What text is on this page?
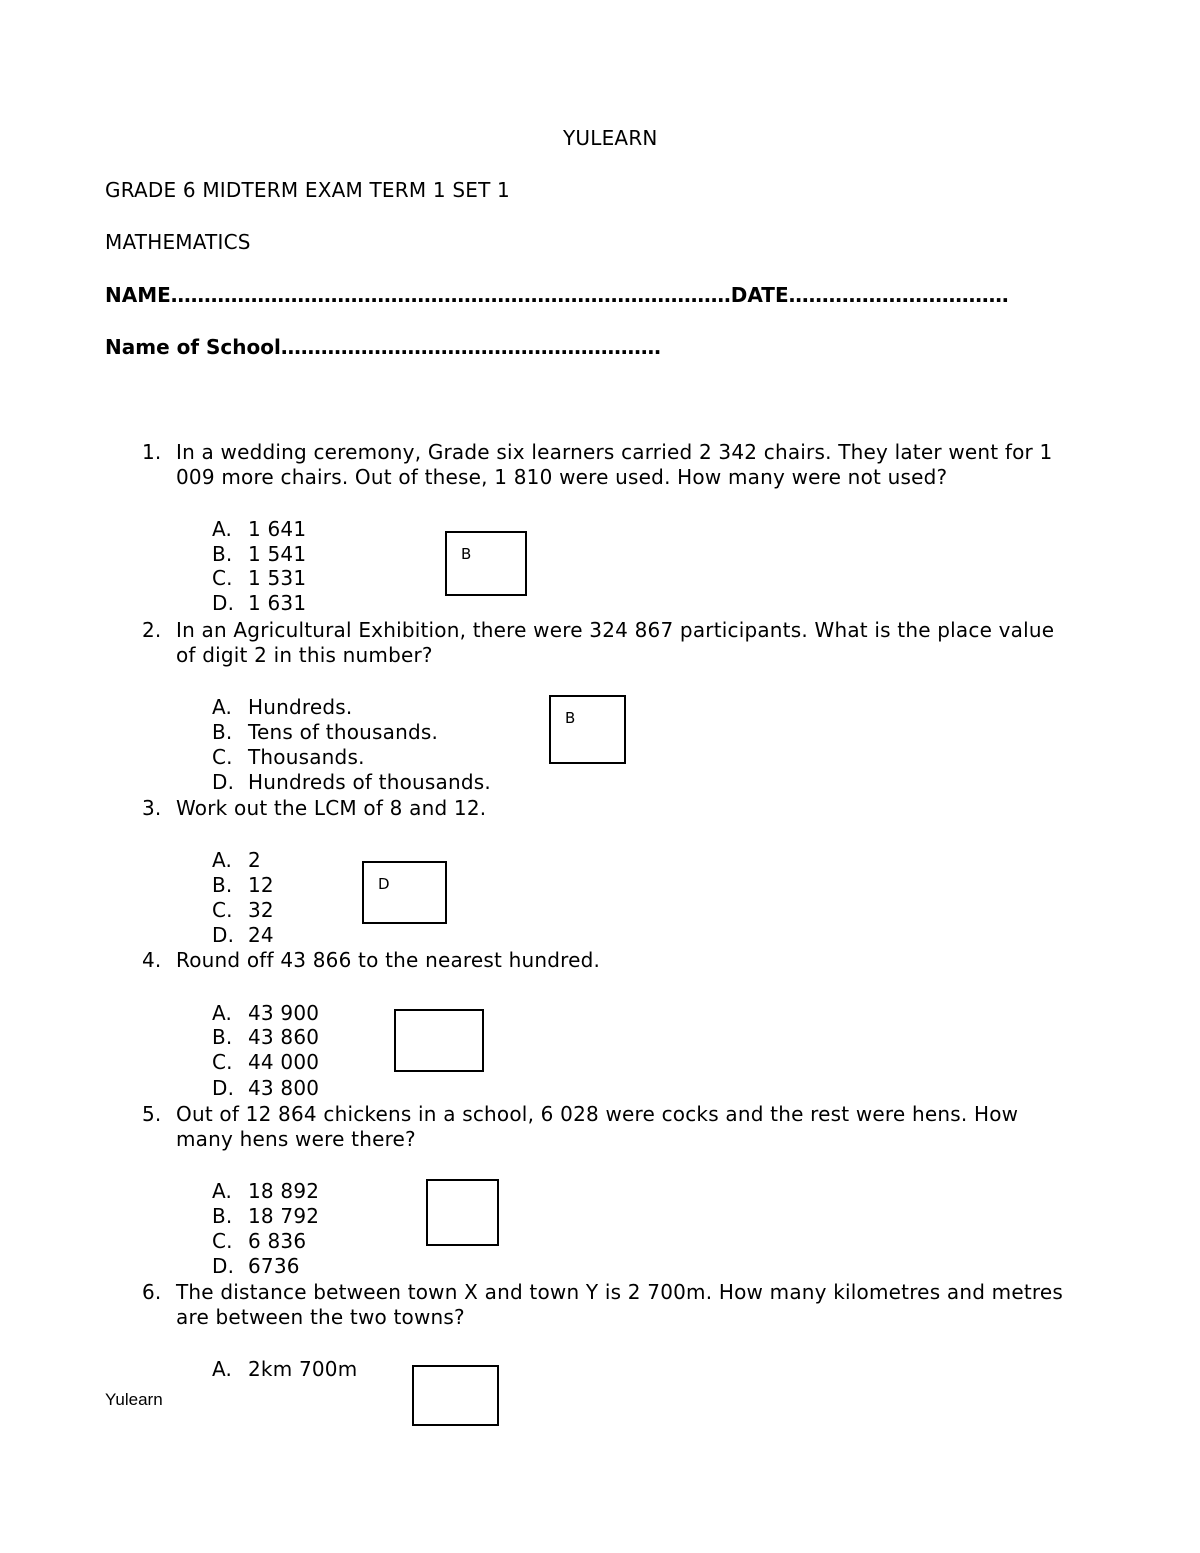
YULEARN
GRADE 6 MIDTERM EXAM TERM 1 SET 1
MATHEMATICS
NAME…………………………………………………………………………DATE……………………………
Name of School…………………………………………………
1. In a wedding ceremony, Grade six learners carried 2 342 chairs. They later went for 1
009 more chairs. Out of these, 1 810 were used. How many were not used?
A. 1 641
B. 1 541
C. 1 531
D. 1 631
B
2. In an Agricultural Exhibition, there were 324 867 participants. What is the place value
of digit 2 in this number?
A. Hundreds.
B. Tens of thousands.
C. Thousands.
D. Hundreds of thousands.
B
3. Work out the LCM of 8 and 12.
A. 2
B. 12
C. 32
D. 24
D
4. Round off 43 866 to the nearest hundred.
A. 43 900
B. 43 860
C. 44 000
D. 43 800
5. Out of 12 864 chickens in a school, 6 028 were cocks and the rest were hens. How
many hens were there?
A. 18 892
B. 18 792
C. 6 836
D. 6736
6. The distance between town X and town Y is 2 700m. How many kilometres and metres
are between the two towns?
A. 2km 700m
Yulearn
